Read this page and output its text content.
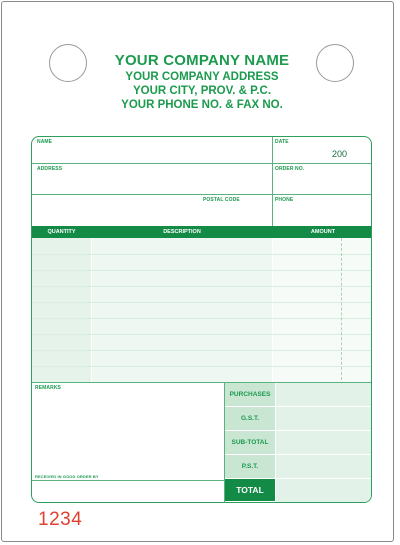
YOUR COMPANY NAME
YOUR COMPANY ADDRESS
YOUR CITY, PROV. & P.C.
YOUR PHONE NO. & FAX NO.
NAME	DATE
200
ADDRESS	ORDER NO.
POSTAL CODE	PHONE
QUANTITY	DESCRIPTION	AMOUNT
REMARKS
RECEIVED IN GOOD ORDER BY
PURCHASES
G.S.T.
SUB-TOTAL
P.S.T.
TOTAL
1234
